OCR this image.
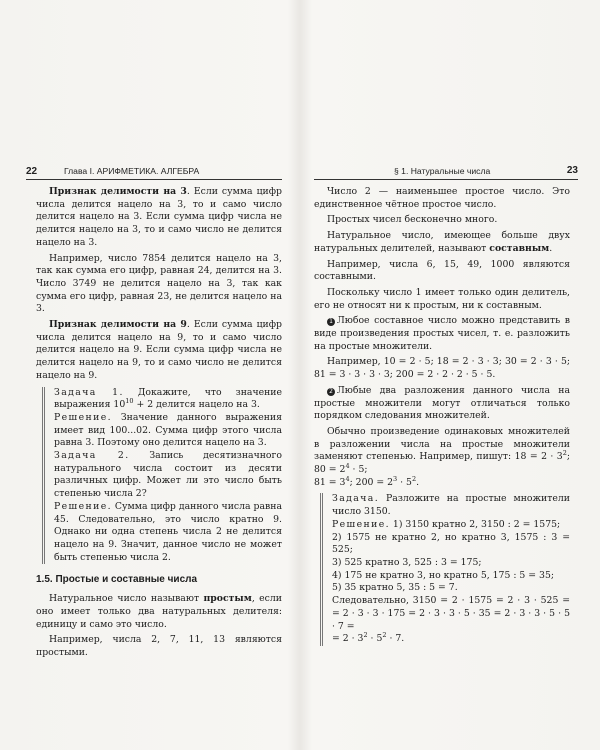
22	Глава I. АРИФМЕТИКА. АЛГЕБРА

Признак делимости на 3. Если сумма цифр числа делится нацело на 3, то и само число делится нацело на 3. Если сумма цифр числа не делится нацело на 3, то и само число не делится нацело на 3.

Например, число 7854 делится нацело на 3, так как сумма его цифр, равная 24, делится на 3. Число 3749 не делится нацело на 3, так как сумма его цифр, равная 23, не делится нацело на 3.

Признак делимости на 9. Если сумма цифр числа делится нацело на 9, то и само число делится нацело на 9. Если сумма цифр числа не делится нацело на 9, то и само число не делится нацело на 9.

Задача 1. Докажите, что значение выражения $10^{10} + 2$ делится нацело на 3.

Решение. Значение данного выражения имеет вид 100...02. Сумма цифр этого числа равна 3. Поэтому оно делится нацело на 3.

Задача 2. Запись десятизначного натурального числа состоит из десяти различных цифр. Может ли это число быть степенью числа 2?

Решение. Сумма цифр данного числа равна 45. Следовательно, это число кратно 9. Однако ни одна степень числа 2 не делится нацело на 9. Значит, данное число не может быть степенью числа 2.

1.5. Простые и составные числа

Натуральное число называют простым, если оно имеет только два натуральных делителя: единицу и само это число.

Например, числа 2, 7, 11, 13 являются простыми.

§ 1. Натуральные числа	23

Число 2 — наименьшее простое число. Это единственное чётное простое число.

Простых чисел бесконечно много.

Натуральное число, имеющее больше двух натуральных делителей, называют составным.

Например, числа 6, 15, 49, 1000 являются составными.

Поскольку число 1 имеет только один делитель, его не относят ни к простым, ни к составным.

1 Любое составное число можно представить в виде произведения простых чисел, т. е. разложить на простые множители.

Например, 10 = 2 · 5; 18 = 2 · 3 · 3; 30 = 2 · 3 · 5; 81 = 3 · 3 · 3 · 3; 200 = 2 · 2 · 2 · 5 · 5.

2 Любые два разложения данного числа на простые множители могут отличаться только порядком следования множителей.

Обычно произведение одинаковых множителей в разложении числа на простые множители заменяют степенью. Например, пишут: $18 = 2 \cdot 3^2$; $80 = 2^4 \cdot 5$;
$81 = 3^4$; $200 = 2^3 \cdot 5^2$.

Задача. Разложите на простые множители число 3150.

Решение. 1) 3150 кратно 2, 3150 : 2 = 1575;

2) 1575 не кратно 2, но кратно 3, 1575 : 3 = 525;

3) 525 кратно 3, 525 : 3 = 175;

4) 175 не кратно 3, но кратно 5, 175 : 5 = 35;

5) 35 кратно 5, 35 : 5 = 7.

Следовательно, 3150 = 2 · 1575 = 2 · 3 · 525 = = 2 · 3 · 3 · 175 = 2 · 3 · 3 · 5 · 35 = 2 · 3 · 3 · 5 · 5 · 7 =

= $2 \cdot 3^2 \cdot 5^2 \cdot 7$.
